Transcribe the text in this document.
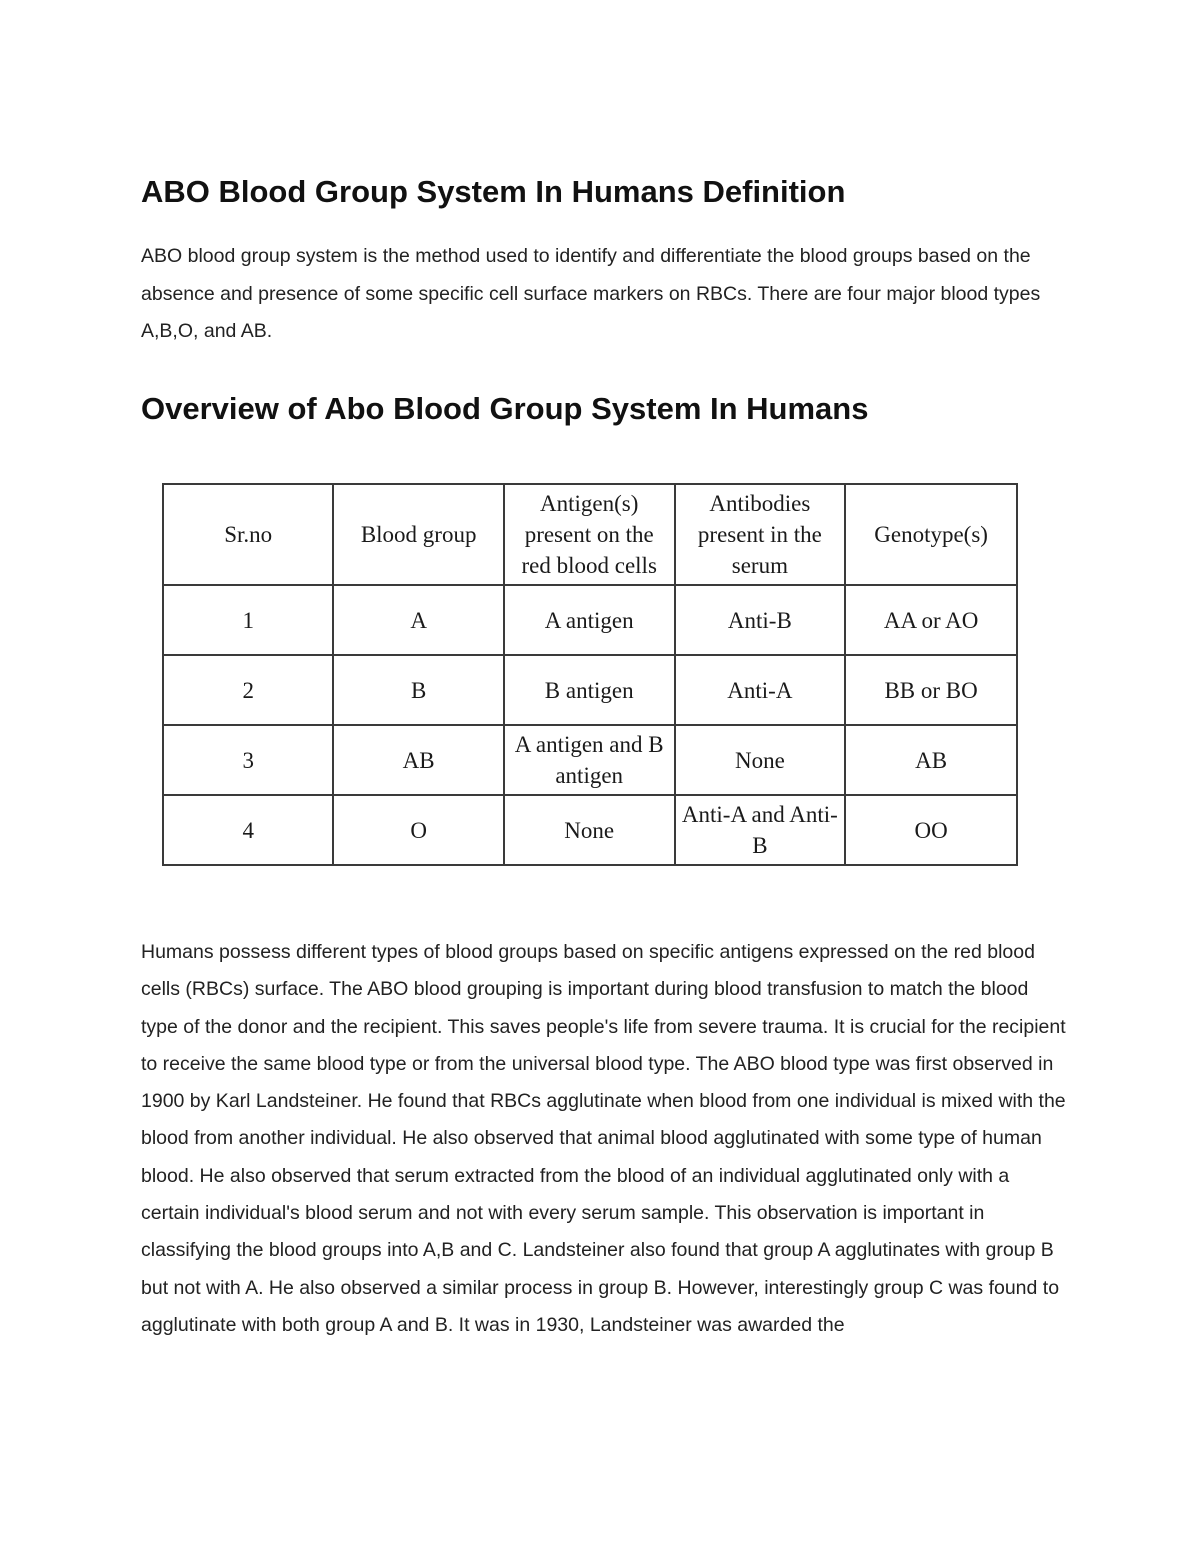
ABO Blood Group System In Humans Definition

ABO blood group system is the method used to identify and differentiate the blood groups based on the absence and presence of some specific cell surface markers on RBCs. There are four major blood types A,B,O, and AB.

Overview of Abo Blood Group System In Humans
Sr.no	Blood group	Antigen(s) present on the red blood cells	Antibodies present in the serum	Genotype(s)
1	A	A antigen	Anti-B	AA or AO
2	B	B antigen	Anti-A	BB or BO
3	AB	A antigen and B antigen	None	AB
4	O	None	Anti-A and Anti-B	OO

Humans possess different types of blood groups based on specific antigens expressed on the red blood cells (RBCs) surface. The ABO blood grouping is important during blood transfusion to match the blood type of the donor and the recipient. This saves people's life from severe trauma. It is crucial for the recipient to receive the same blood type or from the universal blood type. The ABO blood type was first observed in 1900 by Karl Landsteiner. He found that RBCs agglutinate when blood from one individual is mixed with the blood from another individual. He also observed that animal blood agglutinated with some type of human blood. He also observed that serum extracted from the blood of an individual agglutinated only with a certain individual's blood serum and not with every serum sample. This observation is important in classifying the blood groups into A,B and C. Landsteiner also found that group A agglutinates with group B but not with A. He also observed a similar process in group B. However, interestingly group C was found to agglutinate with both group A and B. It was in 1930, Landsteiner was awarded the
